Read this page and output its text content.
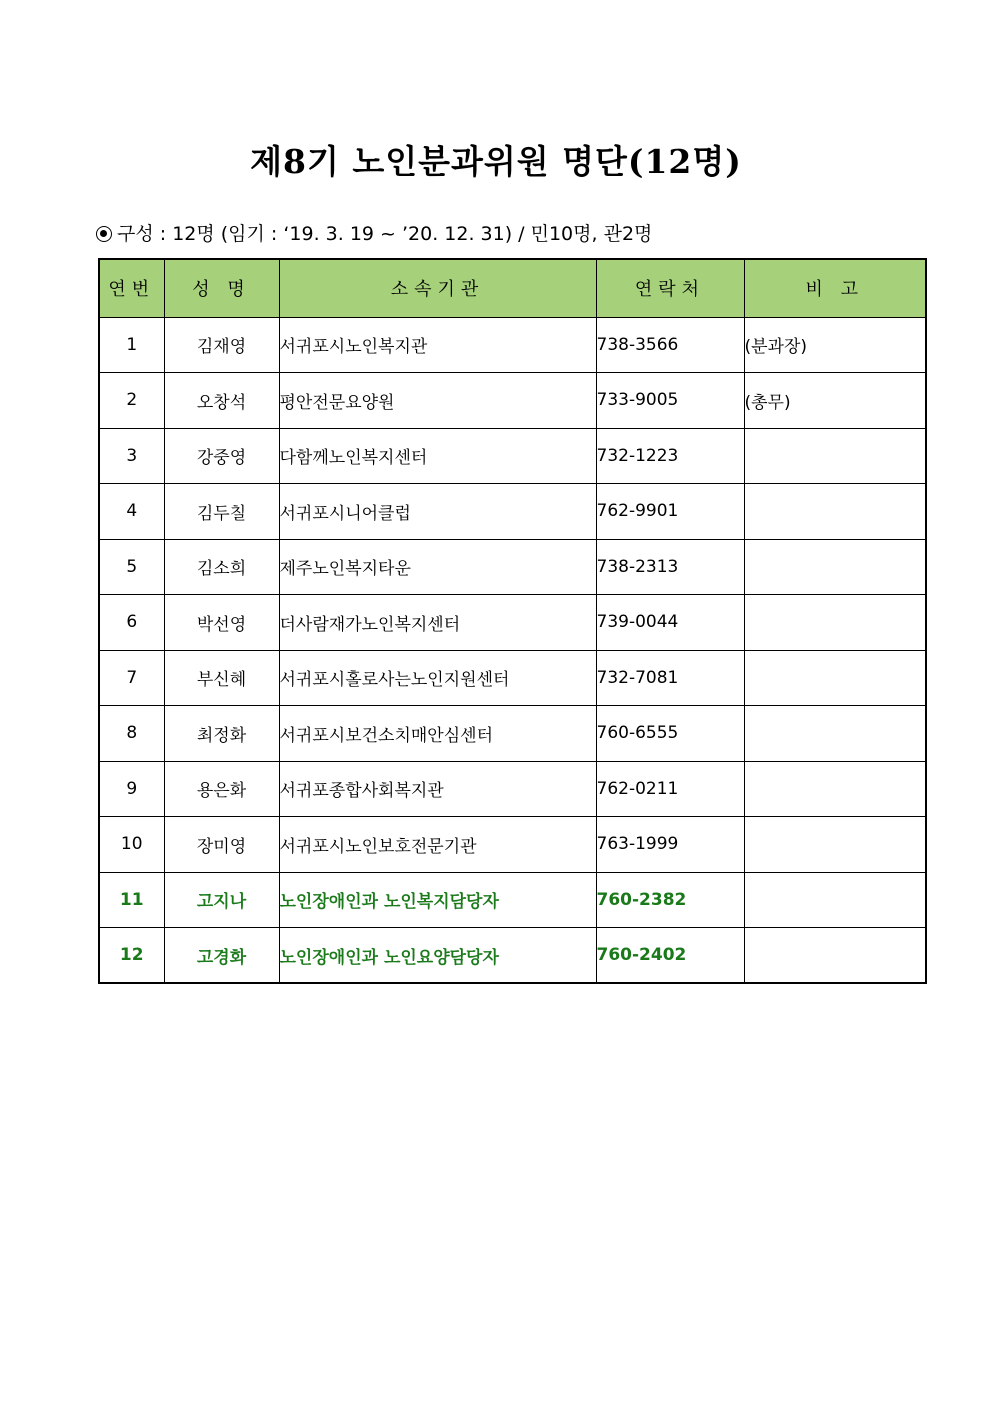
제8기 노인분과위원 명단(12명)
구성 : 12명 (임기 : ‘19. 3. 19 ~ ’20. 12. 31) / 민10명, 관2명
연번	성 명	소속기관	연락처	비 고
1	김재영	서귀포시노인복지관	738-3566	(분과장)
2	오창석	평안전문요양원	733-9005	(총무)
3	강중영	다함께노인복지센터	732-1223	
4	김두칠	서귀포시니어클럽	762-9901	
5	김소희	제주노인복지타운	738-2313	
6	박선영	더사람재가노인복지센터	739-0044	
7	부신혜	서귀포시홀로사는노인지원센터	732-7081	
8	최정화	서귀포시보건소치매안심센터	760-6555	
9	용은화	서귀포종합사회복지관	762-0211	
10	장미영	서귀포시노인보호전문기관	763-1999	
11	고지나	노인장애인과 노인복지담당자	760-2382	
12	고경화	노인장애인과 노인요양담당자	760-2402	
